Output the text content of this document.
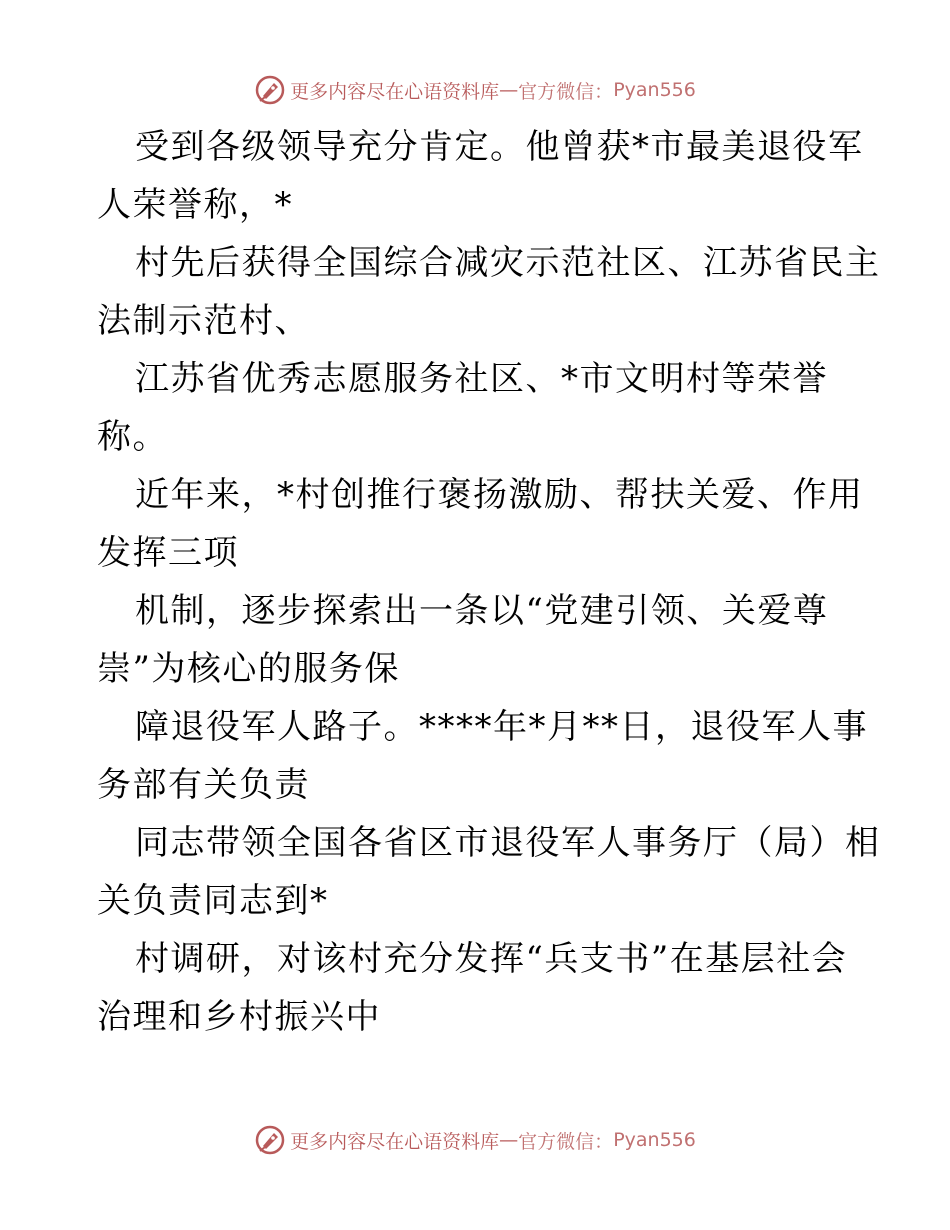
更多内容尽在心语资料库 — 官方微信： Pyan556
受到各级领导充分肯定。他曾获*市最美退役军
人荣誉称，*
村先后获得全国综合减灾示范社区、江苏省民主
法制示范村、
江苏省优秀志愿服务社区、*市文明村等荣誉
称。
近年来，*村创推行褒扬激励、帮扶关爱、作用
发挥三项
机制，逐步探索出一条以“党建引领、关爱尊
崇”为核心的服务保
障退役军人路子。****年*月**日，退役军人事
务部有关负责
同志带领全国各省区市退役军人事务厅（局）相
关负责同志到*
村调研，对该村充分发挥“兵支书”在基层社会
治理和乡村振兴中
更多内容尽在心语资料库 — 官方微信： Pyan556
